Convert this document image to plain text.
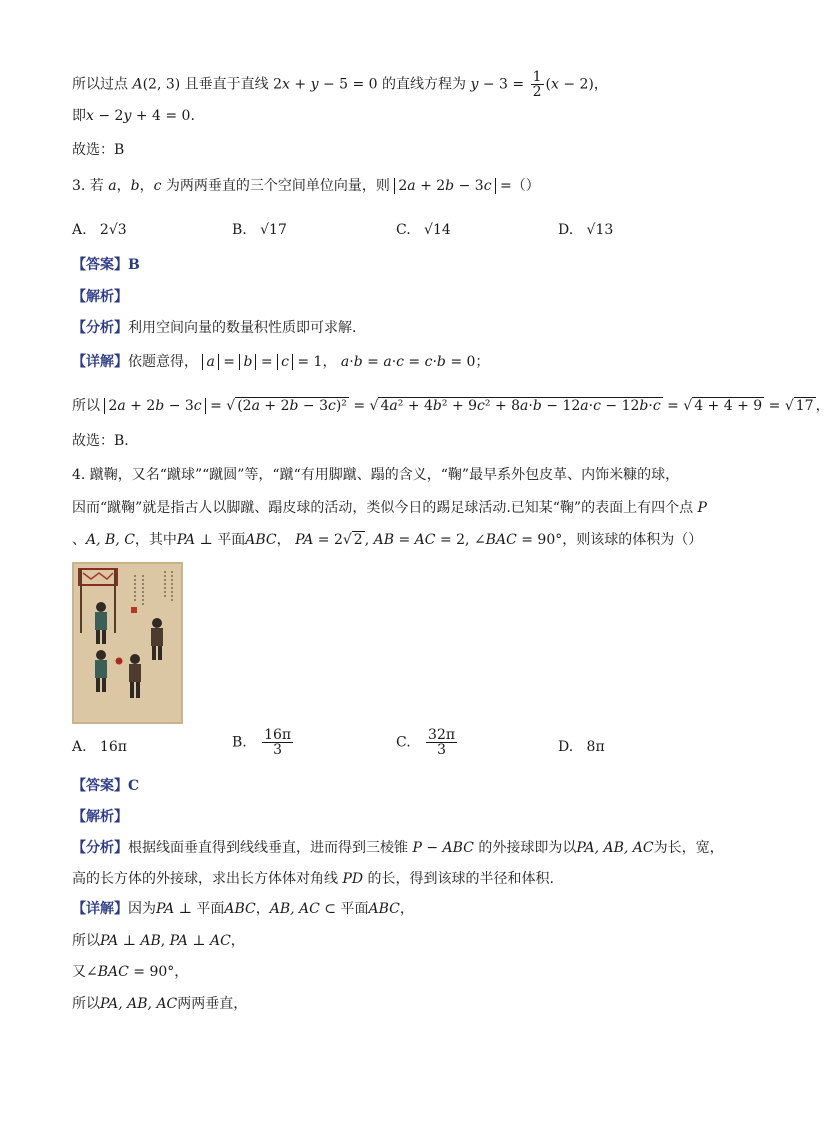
所以过点 A(2, 3) 且垂直于直线 2x + y − 5 = 0 的直线方程为 $y - 3 = \frac{1}{2} (x - 2)$，
即x − 2y + 4 = 0.
故选：B
3. 若 a，b，c 为两两垂直的三个空间单位向量，则 2a + 2b − 3c =（）
A. 2√3	B. √17	C. √14	D. √13
【答案】B
【解析】
【分析】利用空间向量的数量积性质即可求解.
【详解】依题意得， a = b = c = 1， a·b = a·c = c·b = 0；
所以 2a + 2b − 3c = √ (2a + 2b − 3c)² = √ 4a² + 4b² + 9c² + 8a·b − 12a·c − 12b·c = √ 4 + 4 + 9 = √ 17 ，
故选：B.
4. 蹴鞠，又名“蹴球”“蹴圆”等，“蹴“有用脚蹴、蹋的含义，“鞠”最早系外包皮革、内饰米糠的球，
因而“蹴鞠”就是指古人以脚蹴、蹋皮球的活动，类似今日的踢足球活动.已知某“鞠”的表面上有四个点 P
、A, B, C，其中PA ⊥ 平面ABC， PA = 2√ 2 , AB = AC = 2, ∠BAC = 90°，则该球的体积为（）
A. 16π	B. $\frac{16\pi}{3}$	C. $\frac{32\pi}{3}$	D. 8π
【答案】C
【解析】
【分析】根据线面垂直得到线线垂直，进而得到三棱锥 P − ABC 的外接球即为以PA, AB, AC为长，宽，
高的长方体的外接球，求出长方体体对角线 PD 的长，得到该球的半径和体积.
【详解】因为PA ⊥ 平面ABC，AB, AC ⊂ 平面ABC，
所以PA ⊥ AB, PA ⊥ AC，
又∠BAC = 90°，
所以PA, AB, AC两两垂直，
